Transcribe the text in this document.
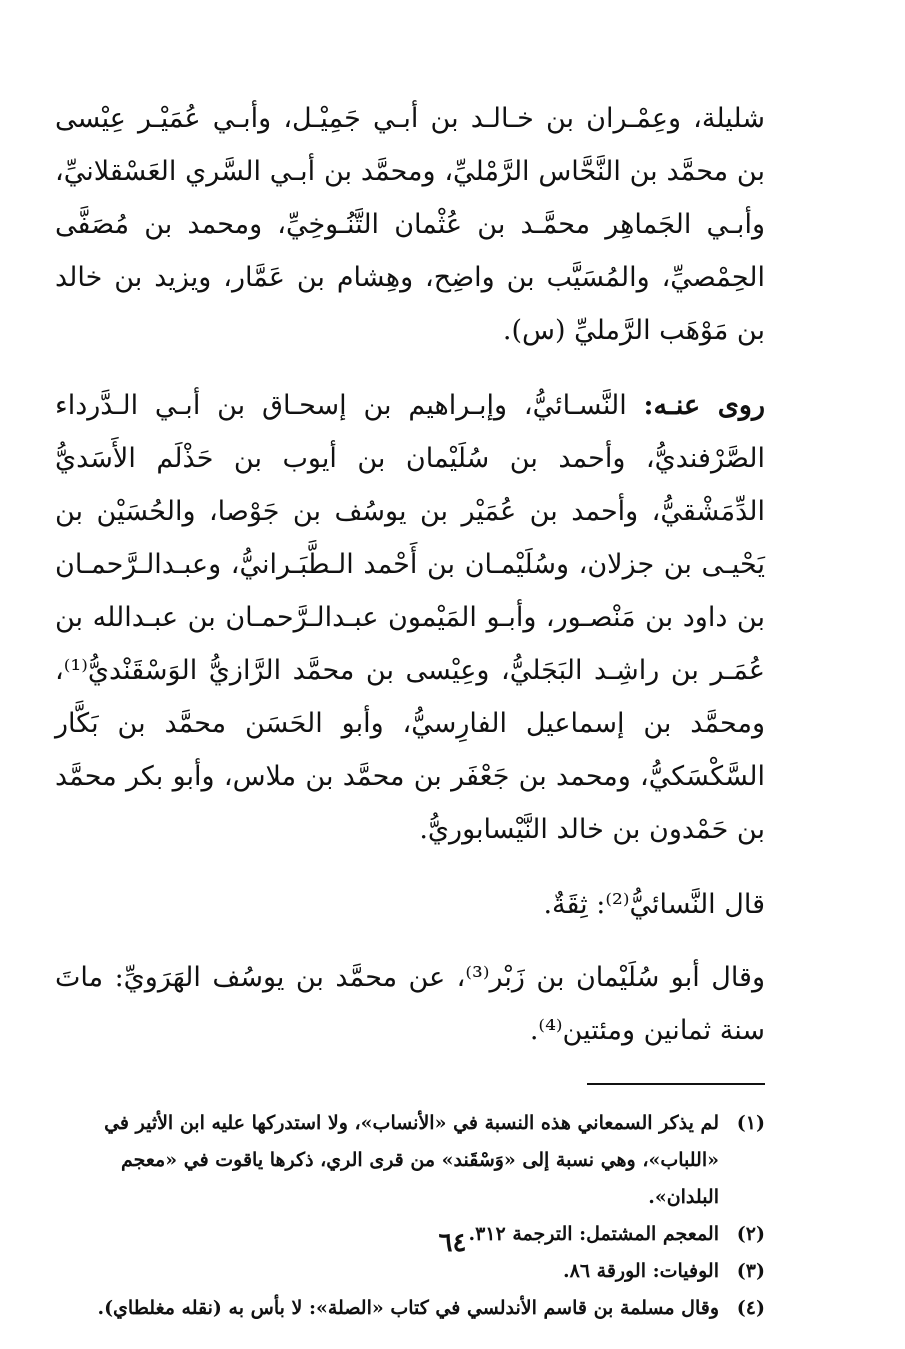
شليلة، وعِمْـران بن خـالـد بن أبـي جَمِيْـل، وأبـي عُمَيْـر عِيْسى بن محمَّد بن النَّحَّاس الرَّمْليِّ، ومحمَّد بن أبـي السَّري العَسْقلانيِّ، وأبـي الجَماهِر محمَّـد بن عُثْمان التَّنُـوخِيِّ، ومحمد بن مُصَفَّى الحِمْصيِّ، والمُسَيَّب بن واضِح، وهِشام بن عَمَّار، ويزيد بن خالد بن مَوْهَب الرَّمليِّ (س).

روى عنـه: النَّسـائيُّ، وإبـراهيم بن إسحـاق بن أبـي الـدَّرداء الصَّرْفنديُّ، وأحمد بن سُلَيْمان بن أيوب بن حَذْلَم الأَسَديُّ الدِّمَشْقيُّ، وأحمد بن عُمَيْر بن يوسُف بن جَوْصا، والحُسَيْن بن يَحْيـى بن جزلان، وسُلَيْمـان بن أَحْمد الـطَّبَـرانيُّ، وعبـدالـرَّحمـان بن داود بن مَنْصـور، وأبـو المَيْمون عبـدالـرَّحمـان بن عبـدالله بن عُمَـر بن راشِـد البَجَليُّ، وعِيْسى بن محمَّد الرَّازيُّ الوَسْقَنْديُّ⁽¹⁾، ومحمَّد بن إسماعيل الفارِسيُّ، وأبو الحَسَن محمَّد بن بَكَّار السَّكْسَكيُّ، ومحمد بن جَعْفَر بن محمَّد بن ملاس، وأبو بكر محمَّد بن حَمْدون بن خالد النَّيْسابوريُّ.

قال النَّسائيُّ⁽²⁾: ثِقَةٌ.

وقال أبو سُلَيْمان بن زَبْر⁽³⁾، عن محمَّد بن يوسُف الهَرَويِّ: ماتَ سنة ثمانين ومئتين⁽⁴⁾.

(١)
لم يذكر السمعاني هذه النسبة في «الأنساب»، ولا استدركها عليه ابن الأثير في «اللباب»، وهي نسبة إلى «وَسْقَند» من قرى الري، ذكرها ياقوت في «معجم البلدان».
(٢)
المعجم المشتمل: الترجمة ٣١٢.
(٣)
الوفيات: الورقة ٨٦.
(٤)
وقال مسلمة بن قاسم الأندلسي في كتاب «الصلة»: لا بأس به (نقله مغلطاي).
٦٤
